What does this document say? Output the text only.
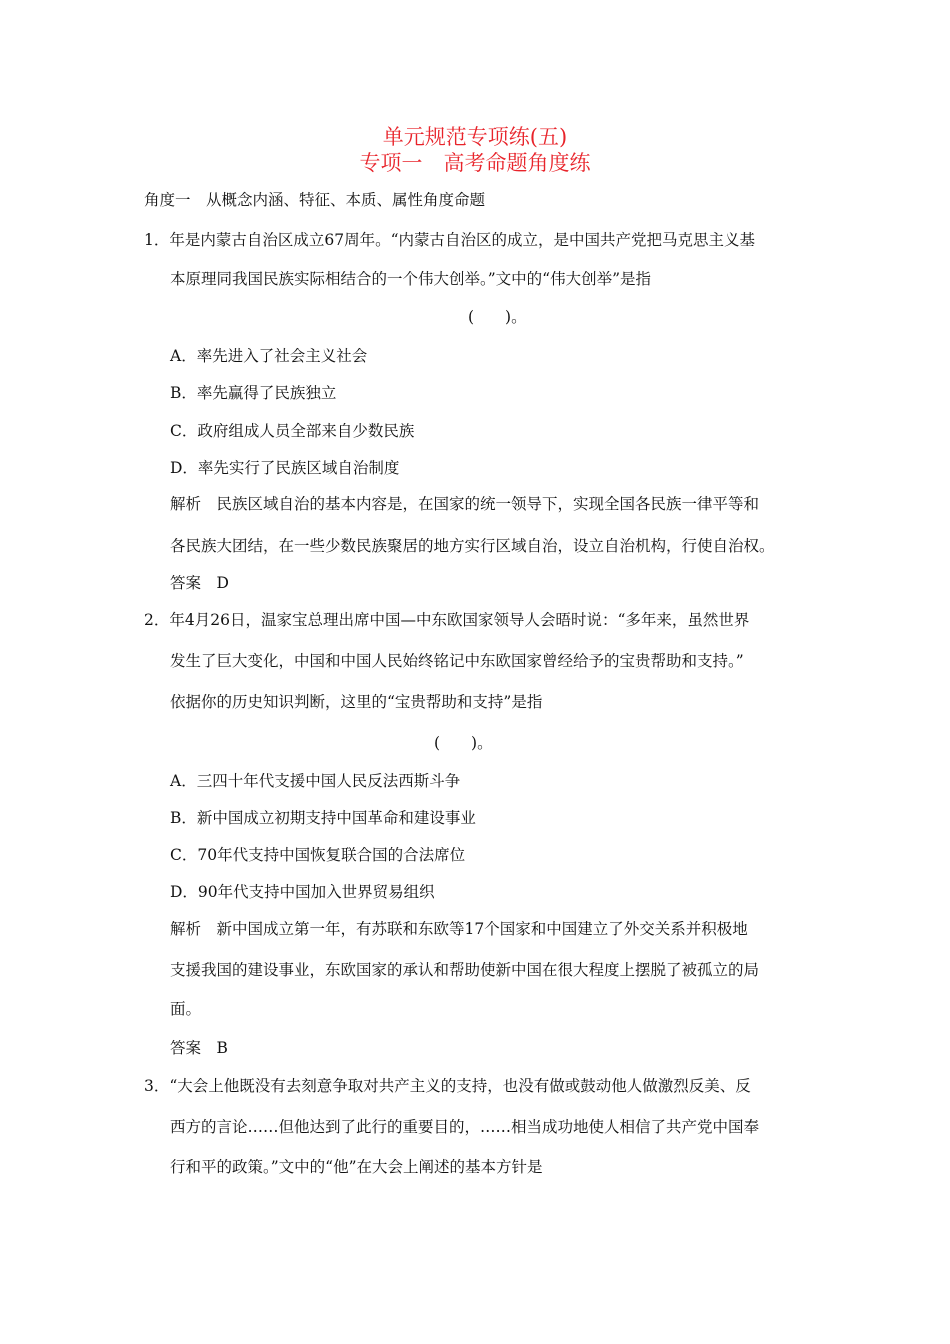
单元规范专项练(五)
专项一　高考命题角度练
角度一　从概念内涵、特征、本质、属性角度命题
1．年是内蒙古自治区成立67周年。“内蒙古自治区的成立，是中国共产党把马克思主义基
本原理同我国民族实际相结合的一个伟大创举。”文中的“伟大创举”是指
(　　)。
A．率先进入了社会主义社会
B．率先赢得了民族独立
C．政府组成人员全部来自少数民族
D．率先实行了民族区域自治制度
解析　民族区域自治的基本内容是，在国家的统一领导下，实现全国各民族一律平等和
各民族大团结，在一些少数民族聚居的地方实行区域自治，设立自治机构，行使自治权。
答案　D
2．年4月26日，温家宝总理出席中国—中东欧国家领导人会晤时说：“多年来，虽然世界
发生了巨大变化，中国和中国人民始终铭记中东欧国家曾经给予的宝贵帮助和支持。”
依据你的历史知识判断，这里的“宝贵帮助和支持”是指
(　　)。
A．三四十年代支援中国人民反法西斯斗争
B．新中国成立初期支持中国革命和建设事业
C．70年代支持中国恢复联合国的合法席位
D．90年代支持中国加入世界贸易组织
解析　新中国成立第一年，有苏联和东欧等17个国家和中国建立了外交关系并积极地
支援我国的建设事业，东欧国家的承认和帮助使新中国在很大程度上摆脱了被孤立的局
面。
答案　B
3．“大会上他既没有去刻意争取对共产主义的支持，也没有做或鼓动他人做激烈反美、反
西方的言论……但他达到了此行的重要目的，……相当成功地使人相信了共产党中国奉
行和平的政策。”文中的“他”在大会上阐述的基本方针是
